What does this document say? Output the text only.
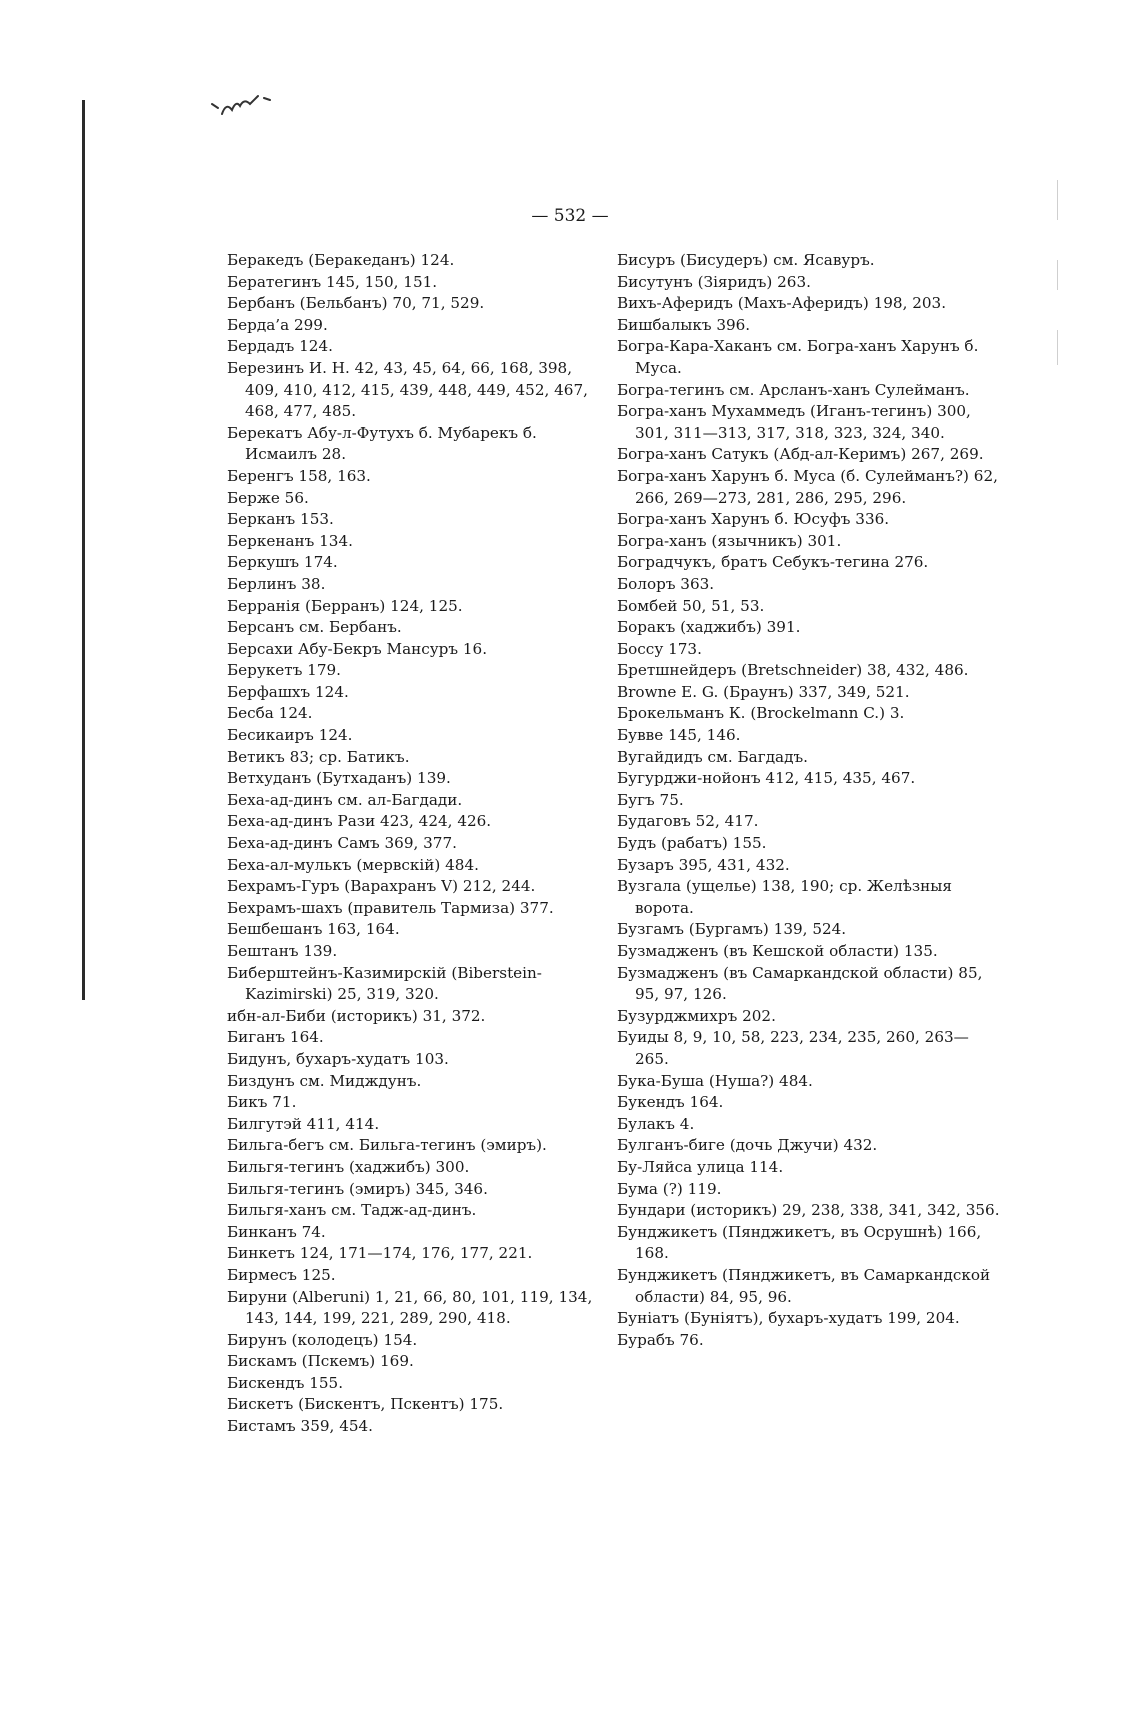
— 532 —
Беракедъ (Беракеданъ) 124.
Бератегинъ 145, 150, 151.
Бербанъ (Бельбанъ) 70, 71, 529.
Берда’а 299.
Бердадъ 124.
Березинъ И. Н. 42, 43, 45, 64, 66, 168, 398, 409, 410, 412, 415, 439, 448, 449, 452, 467, 468, 477, 485.
Берекатъ Абу-л-Футухъ б. Мубарекъ б. Исмаилъ 28.
Беренгъ 158, 163.
Берже 56.
Берканъ 153.
Беркенанъ 134.
Беркушъ 174.
Берлинъ 38.
Берранія (Берранъ) 124, 125.
Берсанъ см. Бербанъ.
Берсахи Абу-Бекръ Мансуръ 16.
Берукетъ 179.
Берфашхъ 124.
Бесба 124.
Бесикаиръ 124.
Ветикъ 83; ср. Батикъ.
Ветхуданъ (Бутхаданъ) 139.
Беха-ад-динъ см. ал-Багдади.
Беха-ад-динъ Рази 423, 424, 426.
Беха-ад-динъ Самъ 369, 377.
Беха-ал-мулькъ (мервскій) 484.
Бехрамъ-Гуръ (Варахранъ V) 212, 244.
Бехрамъ-шахъ (правитель Тармиза) 377.
Бешбешанъ 163, 164.
Бештанъ 139.
Биберштейнъ-Казимирскій (Biberstein-Kazimirski) 25, 319, 320.
ибн-ал-Биби (историкъ) 31, 372.
Биганъ 164.
Бидунъ, бухаръ-худатъ 103.
Биздунъ см. Мидждунъ.
Бикъ 71.
Билгутэй 411, 414.
Бильга-бегъ см. Бильга-тегинъ (эмиръ).
Бильгя-тегинъ (хаджибъ) 300.
Бильгя-тегинъ (эмиръ) 345, 346.
Бильгя-ханъ см. Тадж-ад-динъ.
Бинканъ 74.
Бинкетъ 124, 171—174, 176, 177, 221.
Бирмесъ 125.
Бируни (Alberuni) 1, 21, 66, 80, 101, 119, 134, 143, 144, 199, 221, 289, 290, 418.
Бирунъ (колодецъ) 154.
Бискамъ (Пскемъ) 169.
Бискендъ 155.
Бискетъ (Бискентъ, Пскентъ) 175.
Бистамъ 359, 454.
Бисуръ (Бисудеръ) см. Ясавуръ.
Бисутунъ (Зіяридъ) 263.
Вихъ-Аферидъ (Махъ-Аферидъ) 198, 203.
Бишбалыкъ 396.
Богра-Кара-Хаканъ см. Богра-ханъ Харунъ б. Муса.
Богра-тегинъ см. Арсланъ-ханъ Сулейманъ.
Богра-ханъ Мухаммедъ (Иганъ-тегинъ) 300, 301, 311—313, 317, 318, 323, 324, 340.
Богра-ханъ Сатукъ (Абд-ал-Керимъ) 267, 269.
Богра-ханъ Харунъ б. Муса (б. Сулейманъ?) 62, 266, 269—273, 281, 286, 295, 296.
Богра-ханъ Харунъ б. Юсуфъ 336.
Богра-ханъ (язычникъ) 301.
Боградчукъ, братъ Себукъ-тегина 276.
Болоръ 363.
Бомбей 50, 51, 53.
Боракъ (хаджибъ) 391.
Боссу 173.
Бретшнейдеръ (Bretschneider) 38, 432, 486.
Browne E. G. (Браунъ) 337, 349, 521.
Брокельманъ К. (Brockelmann C.) 3.
Бувве 145, 146.
Вугайдидъ см. Багдадъ.
Бугурджи-нойонъ 412, 415, 435, 467.
Бугъ 75.
Будаговъ 52, 417.
Будъ (рабатъ) 155.
Бузаръ 395, 431, 432.
Вузгала (ущелье) 138, 190; ср. Желѣзныя ворота.
Бузгамъ (Бургамъ) 139, 524.
Бузмадженъ (въ Кешской области) 135.
Бузмадженъ (въ Самаркандской области) 85, 95, 97, 126.
Бузурджмихръ 202.
Буиды 8, 9, 10, 58, 223, 234, 235, 260, 263—265.
Бука-Буша (Нуша?) 484.
Букендъ 164.
Булакъ 4.
Булганъ-биге (дочь Джучи) 432.
Бу-Ляйса улица 114.
Бума (?) 119.
Бундари (историкъ) 29, 238, 338, 341, 342, 356.
Бунджикетъ (Пянджикетъ, въ Осрушнѣ) 166, 168.
Бунджикетъ (Пянджикетъ, въ Самаркандской области) 84, 95, 96.
Буніатъ (Буніятъ), бухаръ-худатъ 199, 204.
Бурабъ 76.
